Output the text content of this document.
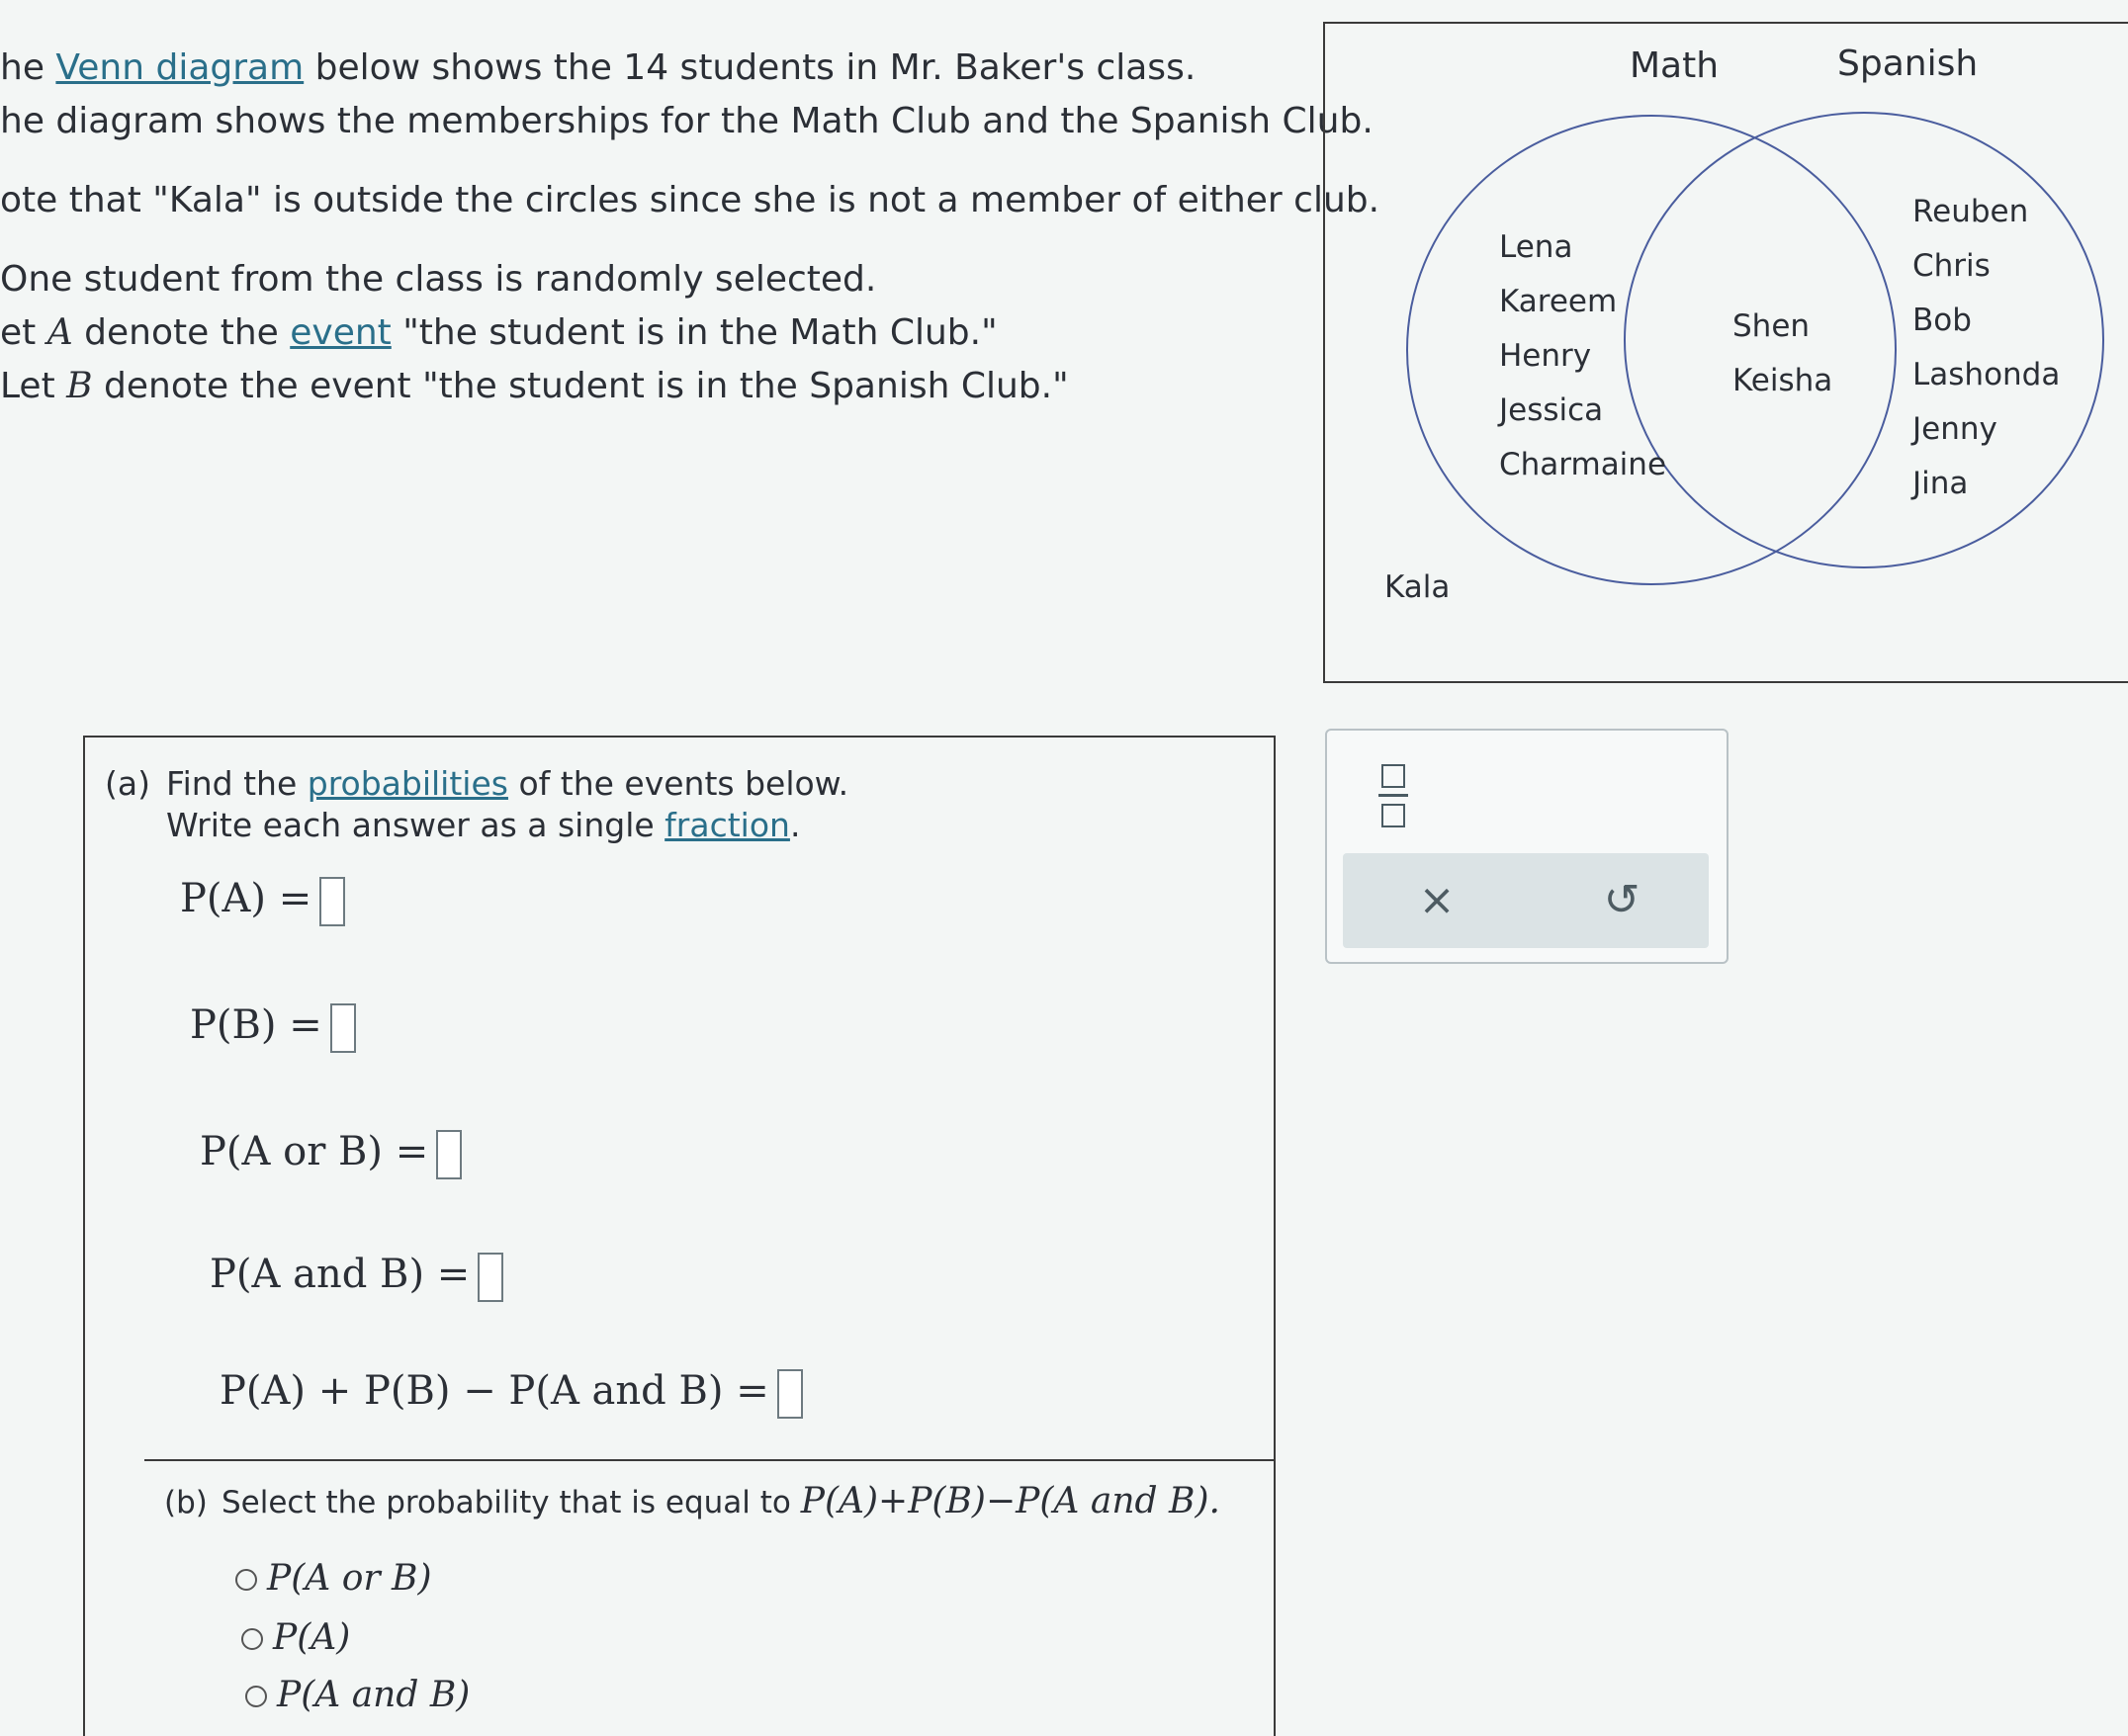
he Venn diagram below shows the 14 students in Mr. Baker's class.

he diagram shows the memberships for the Math Club and the Spanish Club.

ote that "Kala" is outside the circles since she is not a member of either club.

One student from the class is randomly selected.

et A denote the event "the student is in the Math Club."

Let B denote the event "the student is in the Spanish Club."

Math	Spanish
Lena
Kareem
Henry
Jessica
Charmaine
Shen
Keisha
Reuben
Chris
Bob
Lashonda
Jenny
Jina
Kala
×	↺
(a) Find the probabilities of the events below.
Write each answer as a single fraction.
P(A) =
P(B) =
P(A or B) =
P(A and B) =
P(A) + P(B) − P(A and B) =
(b) Select the probability that is equal to P(A)+P(B)−P(A and B).
P(A or B)
P(A)
P(A and B)
